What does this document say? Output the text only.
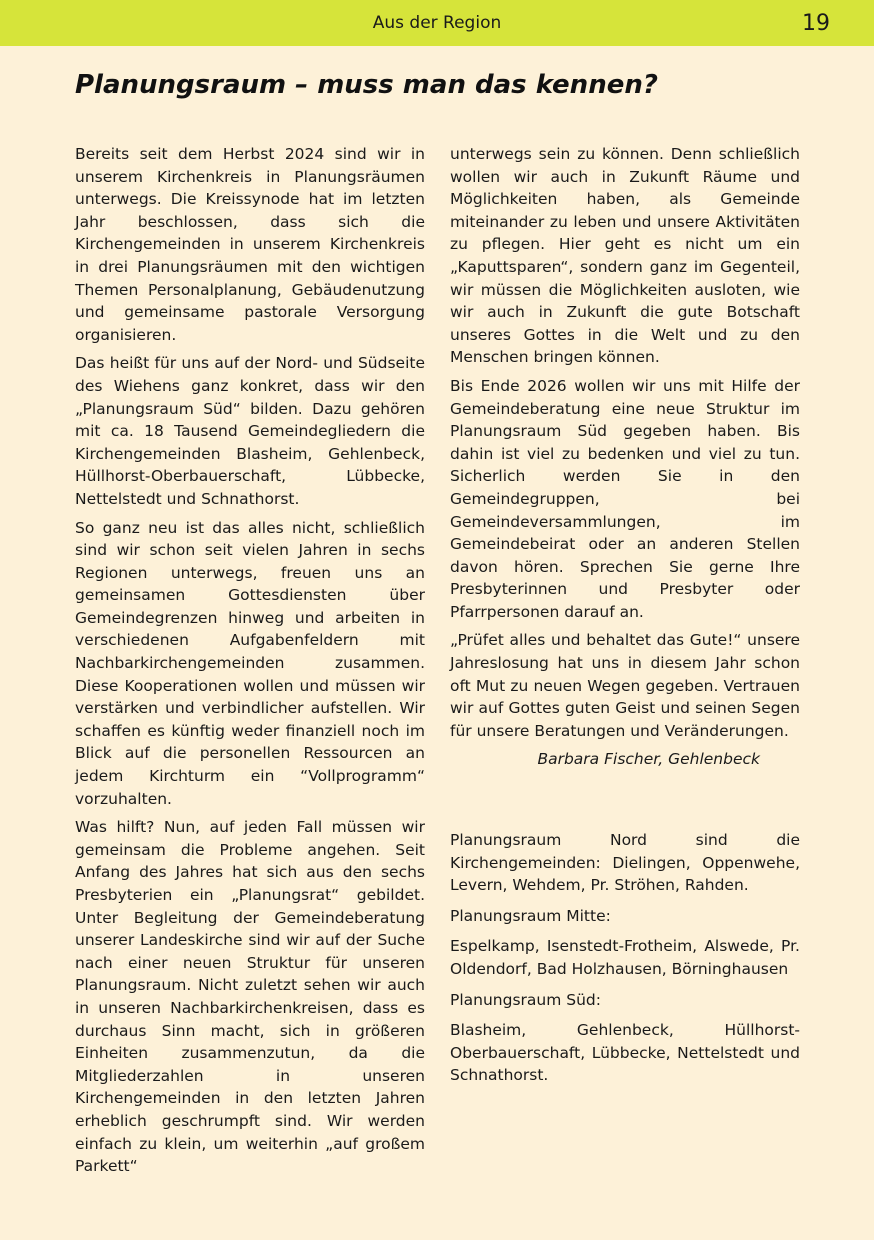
Aus der Region	19
Planungsraum – muss man das kennen?

Bereits seit dem Herbst 2024 sind wir in unserem Kirchenkreis in Planungsräumen unterwegs. Die Kreissynode hat im letzten Jahr beschlossen, dass sich die Kirchengemeinden in unserem Kirchenkreis in drei Planungsräumen mit den wichtigen Themen Personalplanung, Gebäudenutzung und gemeinsame pastorale Versorgung organisieren.

Das heißt für uns auf der Nord- und Südseite des Wiehens ganz konkret, dass wir den „Planungsraum Süd“ bilden. Dazu gehören mit ca. 18 Tausend Gemeindegliedern die Kirchengemeinden Blasheim, Gehlenbeck, Hüllhorst-Oberbauerschaft, Lübbecke, Nettelstedt und Schnathorst.

So ganz neu ist das alles nicht, schließlich sind wir schon seit vielen Jahren in sechs Regionen unterwegs, freuen uns an gemeinsamen Gottesdiensten über Gemeindegrenzen hinweg und arbeiten in verschiedenen Aufgabenfeldern mit Nachbarkirchengemeinden zusammen. Diese Kooperationen wollen und müssen wir verstärken und verbindlicher aufstellen. Wir schaffen es künftig weder finanziell noch im Blick auf die personellen Ressourcen an jedem Kirchturm ein “Vollprogramm“ vorzuhalten.

Was hilft? Nun, auf jeden Fall müssen wir gemeinsam die Probleme angehen. Seit Anfang des Jahres hat sich aus den sechs Presbyterien ein „Planungsrat“ gebildet. Unter Begleitung der Gemeindeberatung unserer Landeskirche sind wir auf der Suche nach einer neuen Struktur für unseren Planungsraum. Nicht zuletzt sehen wir auch in unseren Nachbarkirchenkreisen, dass es durchaus Sinn macht, sich in größeren Einheiten zusammenzutun, da die Mitgliederzahlen in unseren Kirchengemeinden in den letzten Jahren erheblich geschrumpft sind. Wir werden einfach zu klein, um weiterhin „auf großem Parkett“

unterwegs sein zu können. Denn schließlich wollen wir auch in Zukunft Räume und Möglichkeiten haben, als Gemeinde miteinander zu leben und unsere Aktivitäten zu pflegen. Hier geht es nicht um ein „Kaputtsparen“, sondern ganz im Gegenteil, wir müssen die Möglichkeiten ausloten, wie wir auch in Zukunft die gute Botschaft unseres Gottes in die Welt und zu den Menschen bringen können.

Bis Ende 2026 wollen wir uns mit Hilfe der Gemeindeberatung eine neue Struktur im Planungsraum Süd gegeben haben. Bis dahin ist viel zu bedenken und viel zu tun. Sicherlich werden Sie in den Gemeindegruppen, bei Gemeindeversammlungen, im Gemeindebeirat oder an anderen Stellen davon hören. Sprechen Sie gerne Ihre Presbyterinnen und Presbyter oder Pfarrpersonen darauf an.

„Prüfet alles und behaltet das Gute!“ unsere Jahreslosung hat uns in diesem Jahr schon oft Mut zu neuen Wegen gegeben. Vertrauen wir auf Gottes guten Geist und seinen Segen für unsere Beratungen und Veränderungen.

Barbara Fischer, Gehlenbeck

Planungsraum Nord sind die Kirchengemeinden: Dielingen, Oppenwehe, Levern, Wehdem, Pr. Ströhen, Rahden.

Planungsraum Mitte:

Espelkamp, Isenstedt-Frotheim, Alswede, Pr. Oldendorf, Bad Holzhausen, Börninghausen

Planungsraum Süd:

Blasheim, Gehlenbeck, Hüllhorst-Oberbauerschaft, Lübbecke, Nettelstedt und Schnathorst.
